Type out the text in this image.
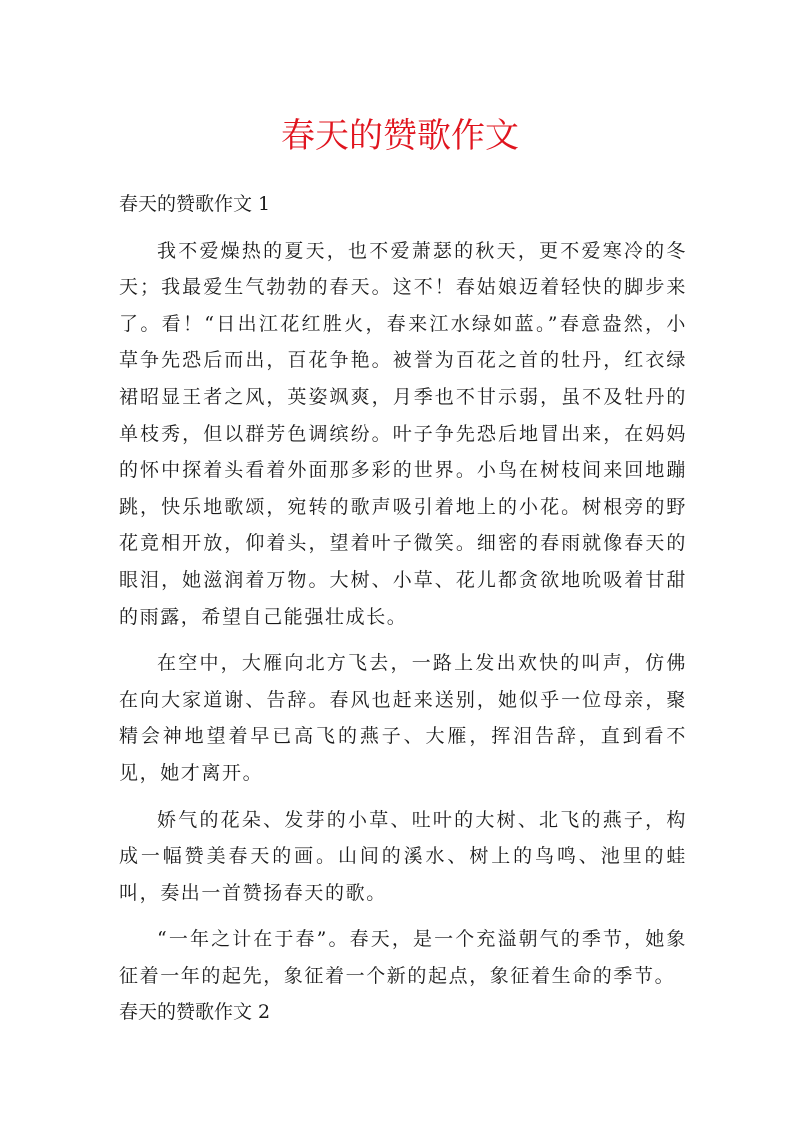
春天的赞歌作文
春天的赞歌作文 1

我不爱燥热的夏天，也不爱萧瑟的秋天，更不爱寒冷的冬天；我最爱生气勃勃的春天。这不！春姑娘迈着轻快的脚步来了。看！“日出江花红胜火，春来江水绿如蓝。”春意盎然，小草争先恐后而出，百花争艳。被誉为百花之首的牡丹，红衣绿裙昭显王者之风，英姿飒爽，月季也不甘示弱，虽不及牡丹的单枝秀，但以群芳色调缤纷。叶子争先恐后地冒出来，在妈妈的怀中探着头看着外面那多彩的世界。小鸟在树枝间来回地蹦跳，快乐地歌颂，宛转的歌声吸引着地上的小花。树根旁的野花竟相开放，仰着头，望着叶子微笑。细密的春雨就像春天的眼泪，她滋润着万物。大树、小草、花儿都贪欲地吮吸着甘甜的雨露，希望自己能强壮成长。

在空中，大雁向北方飞去，一路上发出欢快的叫声，仿佛在向大家道谢、告辞。春风也赶来送别，她似乎一位母亲，聚精会神地望着早已高飞的燕子、大雁，挥泪告辞，直到看不见，她才离开。

娇气的花朵、发芽的小草、吐叶的大树、北飞的燕子，构成一幅赞美春天的画。山间的溪水、树上的鸟鸣、池里的蛙叫，奏出一首赞扬春天的歌。

“一年之计在于春”。春天，是一个充溢朝气的季节，她象征着一年的起先，象征着一个新的起点，象征着生命的季节。

春天的赞歌作文 2
